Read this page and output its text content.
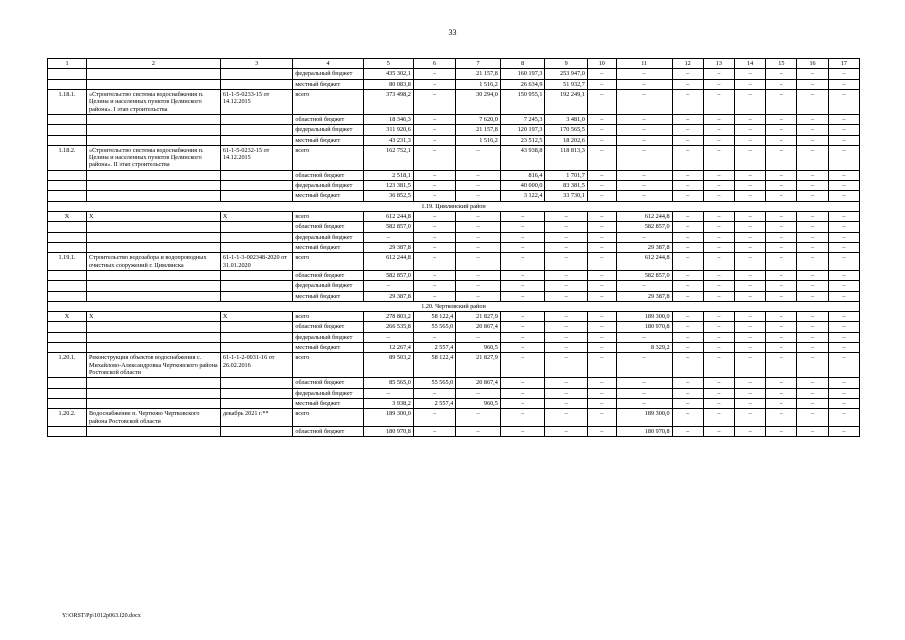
33
1	2	3	4	5	6	7	8	9	10	11	12	13	14	15	16	17
			федеральный бюджет	435 302,1	–	21 157,8	160 197,3	253 947,0	–	–	–	–	–	–	–	–
			местный бюджет	80 083,8	–	1 516,2	26 634,9	51 932,7	–	–	–	–	–	–	–	–
1.18.1.	«Строительство системы водоснабжения п. Целина и населенных пунктов Целинского района». I этап строительства	61-1-5-0233-15 от 14.12.2015	всего	373 498,2	–	30 294,0	150 955,1	192 249,1	–	–	–	–	–	–	–	–
			областной бюджет	18 346,3	–	7 620,0	7 245,3	3 481,0	–	–	–	–	–	–	–	–
			федеральный бюджет	311 920,6	–	21 157,8	120 197,3	170 565,5	–	–	–	–	–	–	–	–
			местный бюджет	43 231,3	–	1 516,2	23 512,5	18 202,6	–	–	–	–	–	–	–	–
1.18.2.	«Строительство системы водоснабжения п. Целина и населенных пунктов Целинского района». II этап строительства	61-1-5-0232-15 от 14.12.2015	всего	162 752,1	–	–	43 938,8	118 813,3	–	–	–	–	–	–	–	–
			областной бюджет	2 518,1	–	–	816,4	1 701,7	–	–	–	–	–	–	–	–
			федеральный бюджет	123 381,5	–	–	40 000,0	83 381,5	–	–	–	–	–	–	–	–
			местный бюджет	36 852,5	–	–	3 122,4	33 730,1	–	–	–	–	–	–	–	–
1.19. Цимлянский район																
X	X	X	всего	612 244,8	–	–	–	–	–	612 244,8	–	–	–	–	–	–
			областной бюджет	582 857,0	–	–	–	–	–	582 857,0	–	–	–	–	–	–
			федеральный бюджет	–	–	–	–	–	–	–	–	–	–	–	–	–
			местный бюджет	29 387,8	–	–	–	–	–	29 387,8	–	–	–	–	–	–
1.19.1.	Строительство водозабора и водопроводных очистных сооружений г. Цимлянска	61-1-1-3-002348-2020 от 31.01.2020	всего	612 244,8	–	–	–	–	–	612 244,8	–	–	–	–	–	–
			областной бюджет	582 857,0	–	–	–	–	–	582 857,0	–	–	–	–	–	–
			федеральный бюджет	–	–	–	–	–	–	–	–	–	–	–	–	–
			местный бюджет	29 387,8	–	–	–	–	–	29 387,8	–	–	–	–	–	–
1.20. Чертковский район																
X	X	X	всего	278 803,2	58 122,4	21 827,9	–	–	–	189 300,0	–	–	–	–	–	–
			областной бюджет	266 535,8	55 565,0	20 867,4	–	–	–	180 970,8	–	–	–	–	–	–
			федеральный бюджет	–	–	–	–	–	–	–	–	–	–	–	–	–
			местный бюджет	12 267,4	2 557,4	960,5	–	–	–	8 329,2	–	–	–	–	–	–
1.20.1.	Реконструкция объектов водоснабжения с. Михайлово-Александровка Чертковского района Ростовской области	61-1-1-2-0031-16 от 26.02.2016	всего	89 503,2	58 122,4	21 827,9	–	–	–	–	–	–	–	–	–	–
			областной бюджет	85 565,0	55 565,0	20 867,4	–	–	–	–	–	–	–	–	–	–
			федеральный бюджет	–	–	–	–	–	–	–	–	–	–	–	–	–
			местный бюджет	3 938,2	2 557,4	960,5	–	–	–	–	–	–	–	–	–	–
1.20.2.	Водоснабжение п. Чертково Чертковского района Ростовской области	декабрь 2021 г.**	всего	189 300,0	–	–	–	–	–	189 300,0	–	–	–	–	–	–
			областной бюджет	180 970,8	–	–	–	–	–	180 970,8	–	–	–	–	–	–
Y:\ORST\Pp\1012p063.f20.docx
